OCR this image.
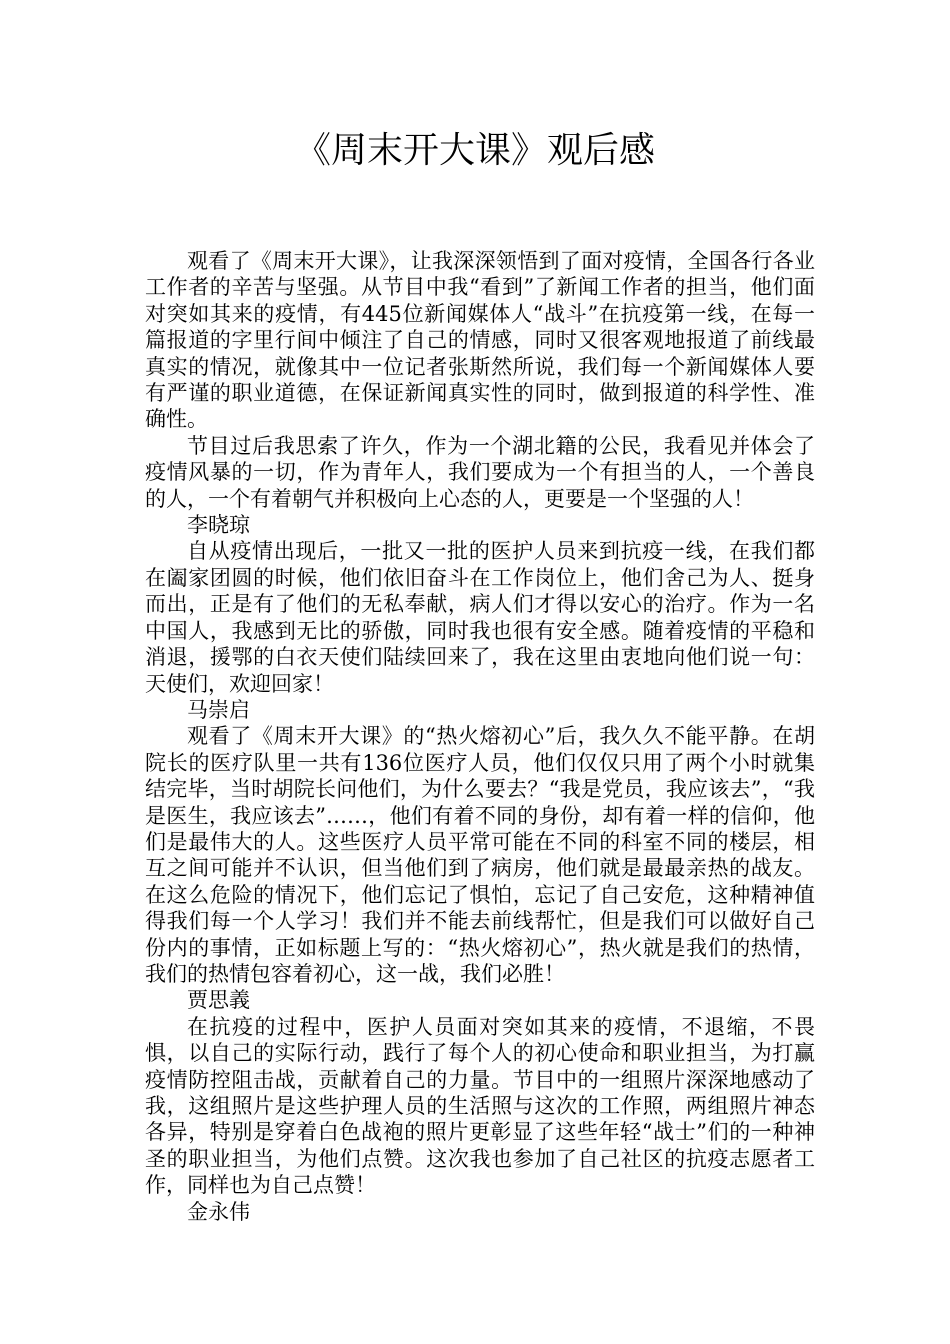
《周末开大课》观后感

观看了《周末开大课》，让我深深领悟到了面对疫情，全国各行各业工作者的辛苦与坚强。从节目中我“看到”了新闻工作者的担当，他们面对突如其来的疫情，有445位新闻媒体人“战斗”在抗疫第一线，在每一篇报道的字里行间中倾注了自己的情感，同时又很客观地报道了前线最真实的情况，就像其中一位记者张斯然所说，我们每一个新闻媒体人要有严谨的职业道德，在保证新闻真实性的同时，做到报道的科学性、准确性。

节目过后我思索了许久，作为一个湖北籍的公民，我看见并体会了疫情风暴的一切，作为青年人，我们要成为一个有担当的人，一个善良的人，一个有着朝气并积极向上心态的人，更要是一个坚强的人！

李晓琼

自从疫情出现后，一批又一批的医护人员来到抗疫一线，在我们都在阖家团圆的时候，他们依旧奋斗在工作岗位上，他们舍己为人、挺身而出，正是有了他们的无私奉献，病人们才得以安心的治疗。作为一名中国人，我感到无比的骄傲，同时我也很有安全感。随着疫情的平稳和消退，援鄂的白衣天使们陆续回来了，我在这里由衷地向他们说一句：天使们，欢迎回家！

马崇启

观看了《周末开大课》的“热火熔初心”后，我久久不能平静。在胡院长的医疗队里一共有136位医疗人员，他们仅仅只用了两个小时就集结完毕，当时胡院长问他们，为什么要去？“我是党员，我应该去”，“我是医生，我应该去”……，他们有着不同的身份，却有着一样的信仰，他们是最伟大的人。这些医疗人员平常可能在不同的科室不同的楼层，相互之间可能并不认识，但当他们到了病房，他们就是最最亲热的战友。在这么危险的情况下，他们忘记了惧怕，忘记了自己安危，这种精神值得我们每一个人学习！我们并不能去前线帮忙，但是我们可以做好自己份内的事情，正如标题上写的：“热火熔初心”，热火就是我们的热情，我们的热情包容着初心，这一战，我们必胜！

贾思義

在抗疫的过程中，医护人员面对突如其来的疫情，不退缩，不畏惧，以自己的实际行动，践行了每个人的初心使命和职业担当，为打赢疫情防控阻击战，贡献着自己的力量。节目中的一组照片深深地感动了我，这组照片是这些护理人员的生活照与这次的工作照，两组照片神态各异，特别是穿着白色战袍的照片更彰显了这些年轻“战士”们的一种神圣的职业担当，为他们点赞。这次我也参加了自己社区的抗疫志愿者工作，同样也为自己点赞！

金永伟
